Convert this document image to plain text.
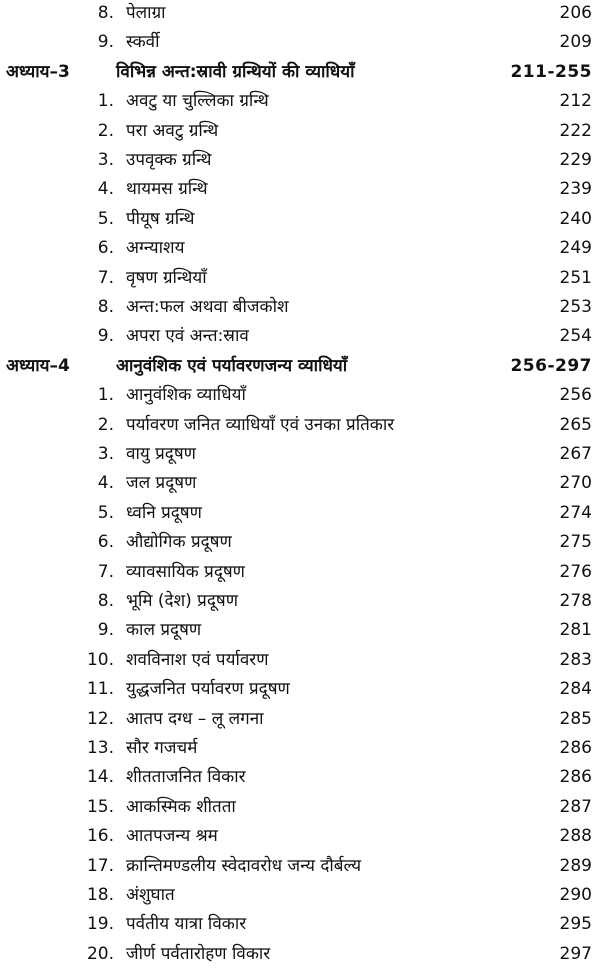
8. पेलाग्रा	206
9. स्कर्वी	209
अध्याय–3	विभिन्न अन्त:स्रावी ग्रन्थियों की व्याधियाँ	211-255
1. अवटु या चुल्लिका ग्रन्थि	212
2. परा अवटु ग्रन्थि	222
3. उपवृक्क ग्रन्थि	229
4. थायमस ग्रन्थि	239
5. पीयूष ग्रन्थि	240
6. अग्न्याशय	249
7. वृषण ग्रन्थियाँ	251
8. अन्त:फल अथवा बीजकोश	253
9. अपरा एवं अन्त:स्राव	254
अध्याय–4	आनुवंशिक एवं पर्यावरणजन्य व्याधियाँ	256-297
1. आनुवंशिक व्याधियाँ	256
2. पर्यावरण जनित व्याधियाँ एवं उनका प्रतिकार	265
3. वायु प्रदूषण	267
4. जल प्रदूषण	270
5. ध्वनि प्रदूषण	274
6. औद्योगिक प्रदूषण	275
7. व्यावसायिक प्रदूषण	276
8. भूमि (देश) प्रदूषण	278
9. काल प्रदूषण	281
10. शवविनाश एवं पर्यावरण	283
11. युद्धजनित पर्यावरण प्रदूषण	284
12. आतप दग्ध – लू लगना	285
13. सौर गजचर्म	286
14. शीतताजनित विकार	286
15. आकस्मिक शीतता	287
16. आतपजन्य श्रम	288
17. क्रान्तिमण्डलीय स्वेदावरोध जन्य दौर्बल्य	289
18. अंशुघात	290
19. पर्वतीय यात्रा विकार	295
20. जीर्ण पर्वतारोहण विकार	297
